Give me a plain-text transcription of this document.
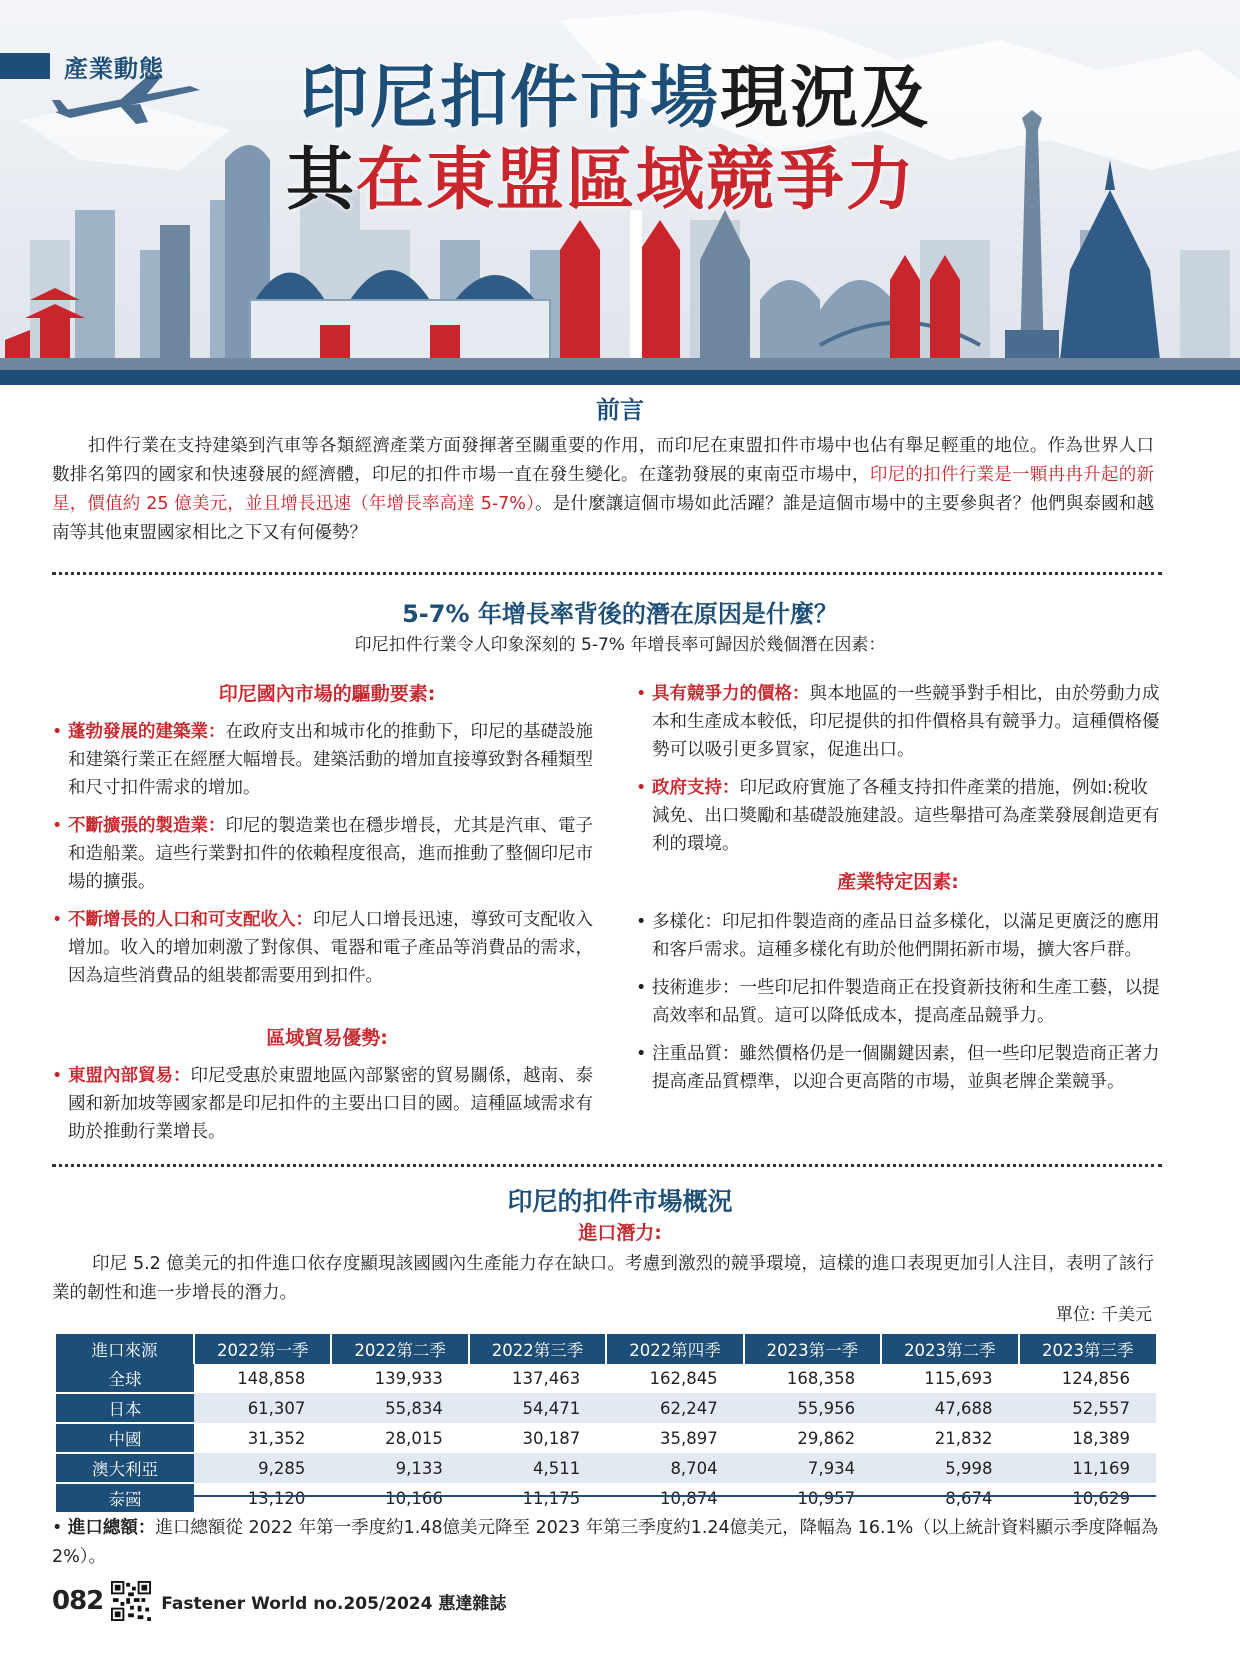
產業動態 印尼扣件市場現況及
其在東盟區域競爭力
前言
扣件行業在支持建築到汽車等各類經濟產業方面發揮著至關重要的作用，而印尼在東盟扣件市場中也佔有舉足輕重的地位。作為世界人口數排名第四的國家和快速發展的經濟體，印尼的扣件市場一直在發生變化。在蓬勃發展的東南亞市場中，印尼的扣件行業是一顆冉冉升起的新星，價值約 25 億美元，並且增長迅速（年增長率高達 5-7%）。是什麼讓這個市場如此活躍？誰是這個市場中的主要參與者？他們與泰國和越南等其他東盟國家相比之下又有何優勢？
5-7% 年增長率背後的潛在原因是什麼？
印尼扣件行業令人印象深刻的 5-7% 年增長率可歸因於幾個潛在因素：
印尼國內市場的驅動要素:

• 蓬勃發展的建築業：在政府支出和城市化的推動下，印尼的基礎設施和建築行業正在經歷大幅增長。建築活動的增加直接導致對各種類型和尺寸扣件需求的增加。

• 不斷擴張的製造業：印尼的製造業也在穩步增長，尤其是汽車、電子和造船業。這些行業對扣件的依賴程度很高，進而推動了整個印尼市場的擴張。

• 不斷增長的人口和可支配收入：印尼人口增長迅速，導致可支配收入增加。收入的增加刺激了對傢俱、電器和電子產品等消費品的需求，因為這些消費品的組裝都需要用到扣件。

區域貿易優勢:

• 東盟內部貿易：印尼受惠於東盟地區內部緊密的貿易關係，越南、泰國和新加坡等國家都是印尼扣件的主要出口目的國。這種區域需求有助於推動行業增長。

• 具有競爭力的價格：與本地區的一些競爭對手相比，由於勞動力成本和生產成本較低，印尼提供的扣件價格具有競爭力。這種價格優勢可以吸引更多買家，促進出口。

• 政府支持：印尼政府實施了各種支持扣件產業的措施，例如:稅收減免、出口獎勵和基礎設施建設。這些舉措可為產業發展創造更有利的環境。

產業特定因素:

• 多樣化：印尼扣件製造商的產品日益多樣化，以滿足更廣泛的應用和客戶需求。這種多樣化有助於他們開拓新市場，擴大客戶群。

• 技術進步：一些印尼扣件製造商正在投資新技術和生產工藝，以提高效率和品質。這可以降低成本，提高產品競爭力。

• 注重品質：雖然價格仍是一個關鍵因素，但一些印尼製造商正著力提高產品質標準，以迎合更高階的市場，並與老牌企業競爭。

印尼的扣件市場概況
進口潛力:
印尼 5.2 億美元的扣件進口依存度顯現該國國內生產能力存在缺口。考慮到激烈的競爭環境，這樣的進口表現更加引人注目，表明了該行業的韌性和進一步增長的潛力。
單位: 千美元
進口來源	2022第一季	2022第二季	2022第三季	2022第四季	2023第一季	2023第二季	2023第三季
全球	148,858	139,933	137,463	162,845	168,358	115,693	124,856
日本	61,307	55,834	54,471	62,247	55,956	47,688	52,557
中國	31,352	28,015	30,187	35,897	29,862	21,832	18,389
澳大利亞	9,285	9,133	4,511	8,704	7,934	5,998	11,169
泰國	13,120	10,166	11,175	10,874	10,957	8,674	10,629
• 進口總額：進口總額從 2022 年第一季度約1.48億美元降至 2023 年第三季度約1.24億美元，降幅為 16.1%（以上統計資料顯示季度降幅為 2%）。
082	Fastener World no.205/2024 惠達雜誌
